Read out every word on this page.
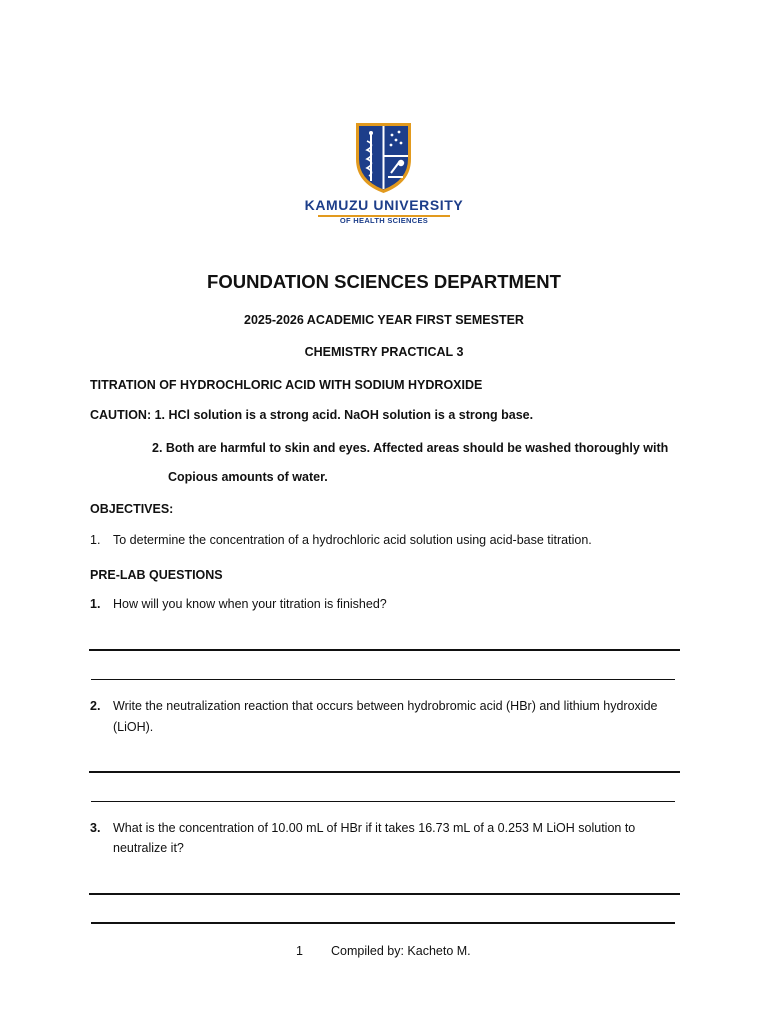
KAMUZU UNIVERSITY
OF HEALTH SCIENCES
FOUNDATION SCIENCES DEPARTMENT
2025-2026 ACADEMIC YEAR FIRST SEMESTER
CHEMISTRY PRACTICAL 3
TITRATION OF HYDROCHLORIC ACID WITH SODIUM HYDROXIDE
CAUTION: 1. HCl solution is a strong acid. NaOH solution is a strong base.
2. Both are harmful to skin and eyes. Affected areas should be washed thoroughly with
Copious amounts of water.
OBJECTIVES:
1. To determine the concentration of a hydrochloric acid solution using acid-base titration.
PRE-LAB QUESTIONS
1. How will you know when your titration is finished?
2. Write the neutralization reaction that occurs between hydrobromic acid (HBr) and lithium hydroxide
(LiOH).
3. What is the concentration of 10.00 mL of HBr if it takes 16.73 mL of a 0.253 M LiOH solution to
neutralize it?
1 Compiled by: Kacheto M.
